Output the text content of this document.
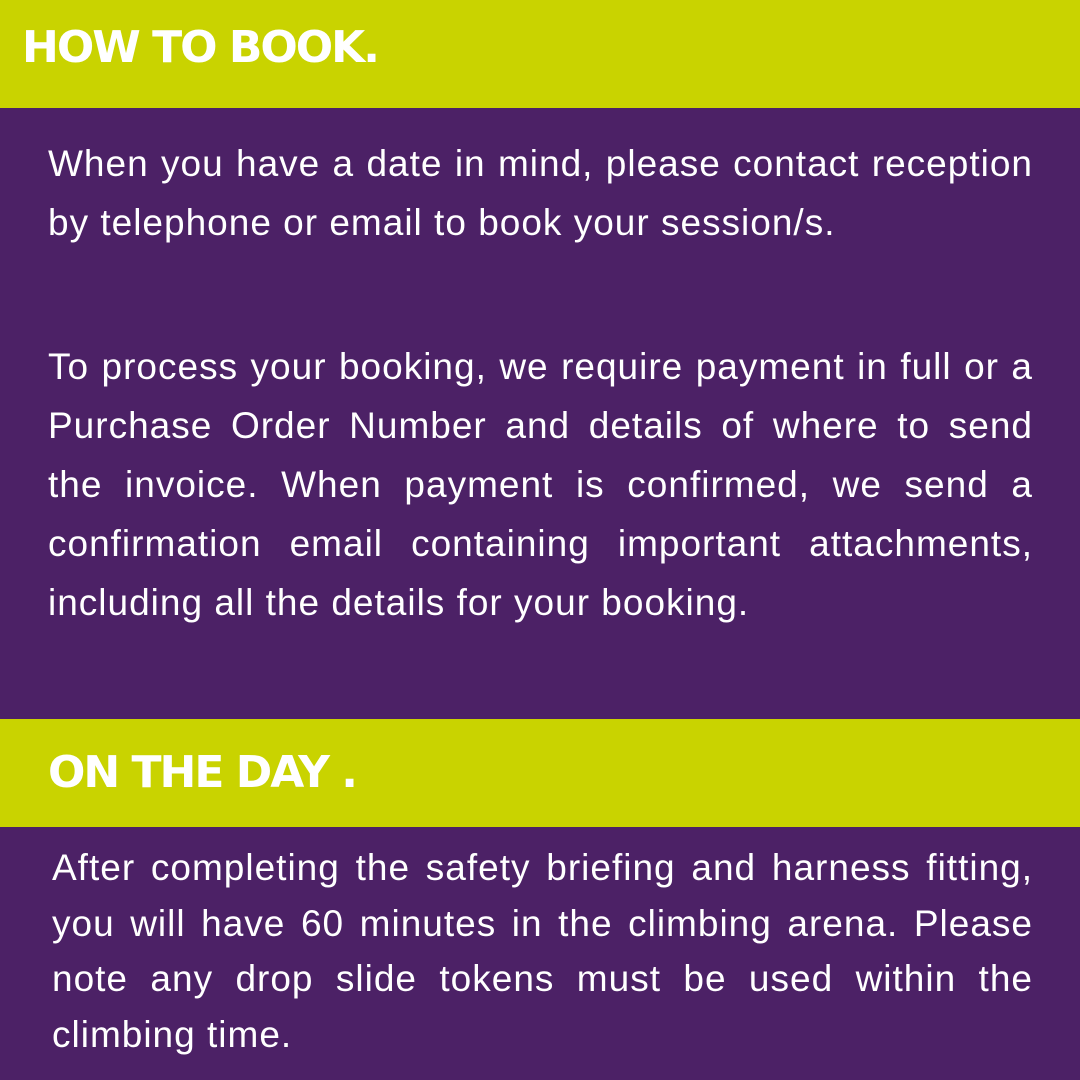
HOW TO BOOK.

When you have a date in mind, please contact reception by telephone or email to book your session/s.

To process your booking, we require payment in full or a Purchase Order Number and details of where to send the invoice. When payment is confirmed, we send a confirmation email containing important attachments, including all the details for your booking.

ON THE DAY .

After completing the safety briefing and harness fitting, you will have 60 minutes in the climbing arena. Please note any drop slide tokens must be used within the climbing time.
